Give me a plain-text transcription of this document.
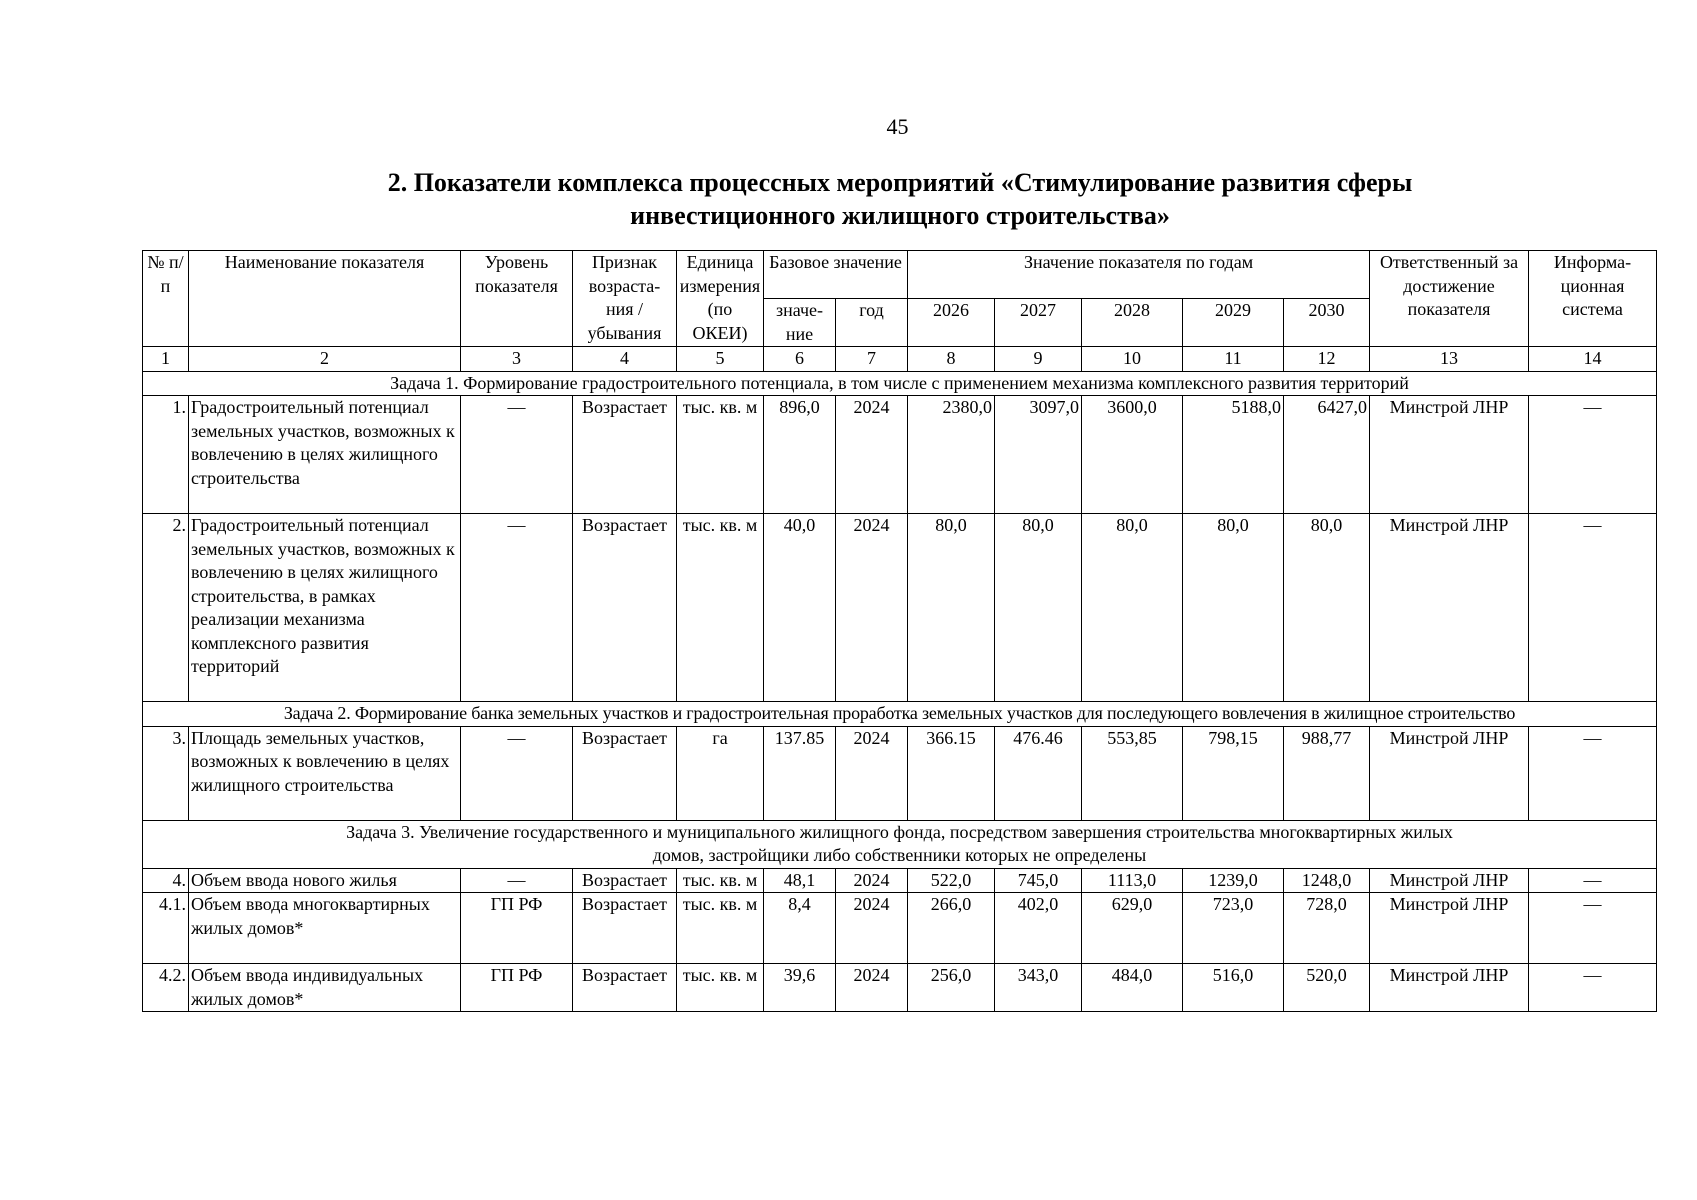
45
2. Показатели комплекса процессных мероприятий «Стимулирование развития сферы
инвестиционного жилищного строительства»
№ п/п	Наименование показателя	Уровень показателя	Признак возраста-ния / убывания	Единица измерения (по ОКЕИ)	Базовое значение		Значение показателя по годам					Ответственный за достижение показателя	Информа-ционная система
					значе-ние	год	2026	2027	2028	2029	2030		
1	2	3	4	5	6	7	8	9	10	11	12	13	14
Задача 1. Формирование градостроительного потенциала, в том числе с применением механизма комплексного развития территорий													
1.	Градостроительный потенциал земельных участков, возможных к вовлечению в целях жилищного строительства	—	Возрастает	тыс. кв. м	896,0	2024	2380,0	3097,0	3600,0	5188,0	6427,0	Минстрой ЛНР	—
2.	Градостроительный потенциал земельных участков, возможных к вовлечению в целях жилищного строительства, в рамках реализации механизма комплексного развития территорий	—	Возрастает	тыс. кв. м	40,0	2024	80,0	80,0	80,0	80,0	80,0	Минстрой ЛНР	—
Задача 2. Формирование банка земельных участков и градостроительная проработка земельных участков для последующего вовлечения в жилищное строительство													
3.	Площадь земельных участков, возможных к вовлечению в целях жилищного строительства	—	Возрастает	га	137.85	2024	366.15	476.46	553,85	798,15	988,77	Минстрой ЛНР	—
Задача 3. Увеличение государственного и муниципального жилищного фонда, посредством завершения строительства многоквартирных жилых домов, застройщики либо собственники которых не определены													
4.	Объем ввода нового жилья	—	Возрастает	тыс. кв. м	48,1	2024	522,0	745,0	1113,0	1239,0	1248,0	Минстрой ЛНР	—
4.1.	Объем ввода многоквартирных жилых домов*	ГП РФ	Возрастает	тыс. кв. м	8,4	2024	266,0	402,0	629,0	723,0	728,0	Минстрой ЛНР	—
4.2.	Объем ввода индивидуальных жилых домов*	ГП РФ	Возрастает	тыс. кв. м	39,6	2024	256,0	343,0	484,0	516,0	520,0	Минстрой ЛНР	—
